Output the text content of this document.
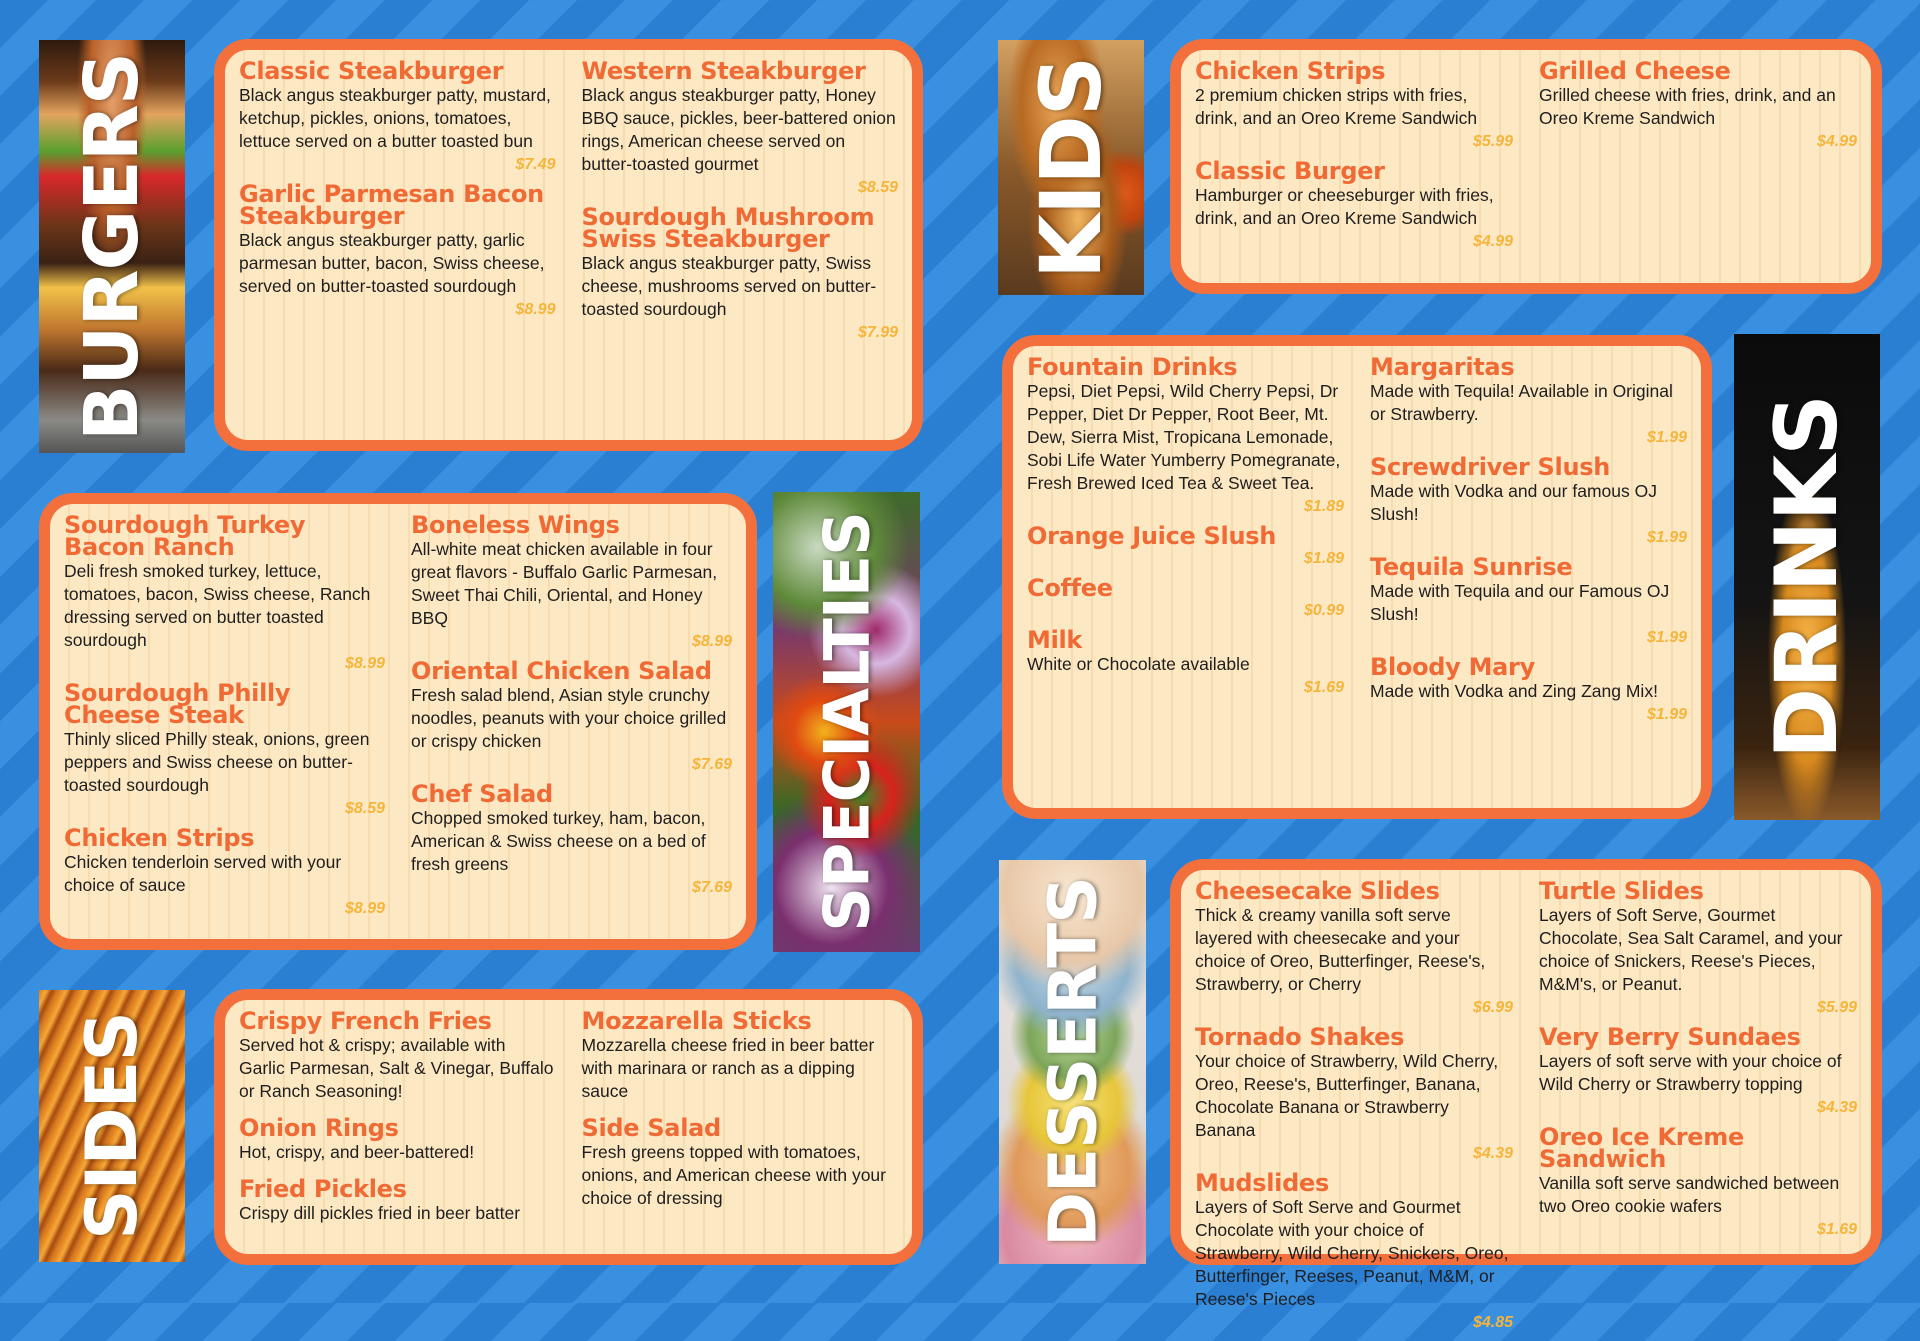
BURGERS	Classic Steakburger
Black angus steakburger patty, mustard, ketchup, pickles, onions, tomatoes, lettuce served on a butter toasted bun
$7.49
Garlic Parmesan Bacon Steakburger
Black angus steakburger patty, garlic parmesan butter, bacon, Swiss cheese, served on butter-toasted sourdough
$8.99
Western Steakburger
Black angus steakburger patty, Honey BBQ sauce, pickles, beer-battered onion rings, American cheese served on butter-toasted gourmet
$8.59
Sourdough Mushroom Swiss Steakburger
Black angus steakburger patty, Swiss cheese, mushrooms served on butter-toasted sourdough
$7.99
Sourdough Turkey Bacon Ranch
Deli fresh smoked turkey, lettuce, tomatoes, bacon, Swiss cheese, Ranch dressing served on butter toasted sourdough
$8.99
Sourdough Philly Cheese Steak
Thinly sliced Philly steak, onions, green peppers and Swiss cheese on butter-toasted sourdough
$8.59
Chicken Strips
Chicken tenderloin served with your choice of sauce
$8.99
Boneless Wings
All-white meat chicken available in four great flavors - Buffalo Garlic Parmesan, Sweet Thai Chili, Oriental, and Honey BBQ
$8.99
Oriental Chicken Salad
Fresh salad blend, Asian style crunchy noodles, peanuts with your choice grilled or crispy chicken
$7.69
Chef Salad
Chopped smoked turkey, ham, bacon, American & Swiss cheese on a bed of fresh greens
$7.69 SPECIALTIES
SIDES	Crispy French Fries
Served hot & crispy; available with Garlic Parmesan, Salt & Vinegar, Buffalo or Ranch Seasoning!
Onion Rings
Hot, crispy, and beer-battered!
Fried Pickles
Crispy dill pickles fried in beer batter
Mozzarella Sticks
Mozzarella cheese fried in beer batter with marinara or ranch as a dipping sauce
Side Salad
Fresh greens topped with tomatoes, onions, and American cheese with your choice of dressing
KIDS	Chicken Strips
2 premium chicken strips with fries, drink, and an Oreo Kreme Sandwich
$5.99
Classic Burger
Hamburger or cheeseburger with fries, drink, and an Oreo Kreme Sandwich
$4.99
Grilled Cheese
Grilled cheese with fries, drink, and an Oreo Kreme Sandwich
$4.99
Fountain Drinks
Pepsi, Diet Pepsi, Wild Cherry Pepsi, Dr Pepper, Diet Dr Pepper, Root Beer, Mt. Dew, Sierra Mist, Tropicana Lemonade, Sobi Life Water Yumberry Pomegranate, Fresh Brewed Iced Tea & Sweet Tea.
$1.89
Orange Juice Slush
$1.89
Coffee
$0.99
Milk
White or Chocolate available
$1.69
Margaritas
Made with Tequila! Available in Original or Strawberry.
$1.99
Screwdriver Slush
Made with Vodka and our famous OJ Slush!
$1.99
Tequila Sunrise
Made with Tequila and our Famous OJ Slush!
$1.99
Bloody Mary
Made with Vodka and Zing Zang Mix!
$1.99 DRINKS
DESSERTS	Cheesecake Slides
Thick & creamy vanilla soft serve layered with cheesecake and your choice of Oreo, Butterfinger, Reese's, Strawberry, or Cherry
$6.99
Tornado Shakes
Your choice of Strawberry, Wild Cherry, Oreo, Reese's, Butterfinger, Banana, Chocolate Banana or Strawberry Banana
$4.39
Mudslides
Layers of Soft Serve and Gourmet Chocolate with your choice of Strawberry, Wild Cherry, Snickers, Oreo, Butterfinger, Reeses, Peanut, M&M, or Reese's Pieces
$4.85
Turtle Slides
Layers of Soft Serve, Gourmet Chocolate, Sea Salt Caramel, and your choice of Snickers, Reese's Pieces, M&M's, or Peanut.
$5.99
Very Berry Sundaes
Layers of soft serve with your choice of Wild Cherry or Strawberry topping
$4.39
Oreo Ice Kreme Sandwich
Vanilla soft serve sandwiched between two Oreo cookie wafers
$1.69
